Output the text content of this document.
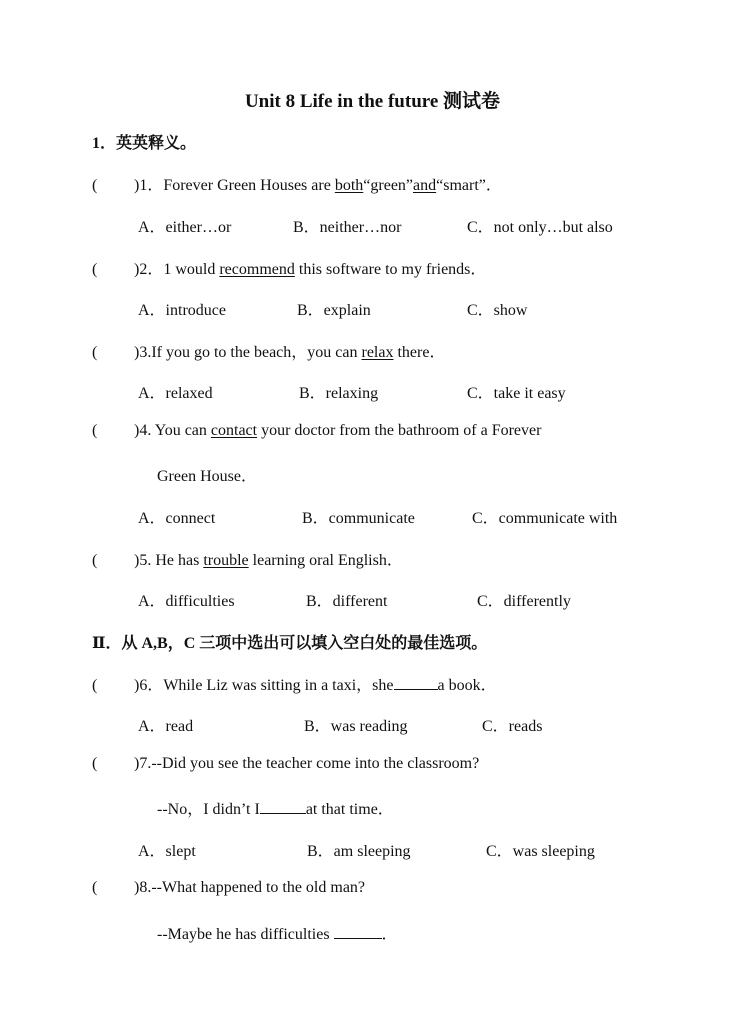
Unit 8 Life in the future 测试卷
1．英英释义。
( )1．Forever Green Houses are both“green”and“smart”．
A．either…or	B．neither…nor	C．not only…but also
( )2．1 would recommend this software to my friends．
A．introduce	B．explain	C．show
( )3.If you go to the beach，you can relax there．
A．relaxed	B．relaxing	C．take it easy
( )4. You can contact your doctor from the bathroom of a Forever
Green House．
A．connect	B．communicate	C．communicate with
( )5. He has trouble learning oral English．
A．difficulties	B．different	C．differently
Ⅱ．从 A,B，C 三项中选出可以填入空白处的最佳选项。
( )6．While Liz was sitting in a taxi，she	a book．
A．read	B．was reading	C．reads
( )7.--Did you see the teacher come into the classroom?
--No，I didn’t I	at that time．
A．slept	B．am sleeping	C．was sleeping
( )8.--What happened to the old man?
--Maybe he has difficulties	．
